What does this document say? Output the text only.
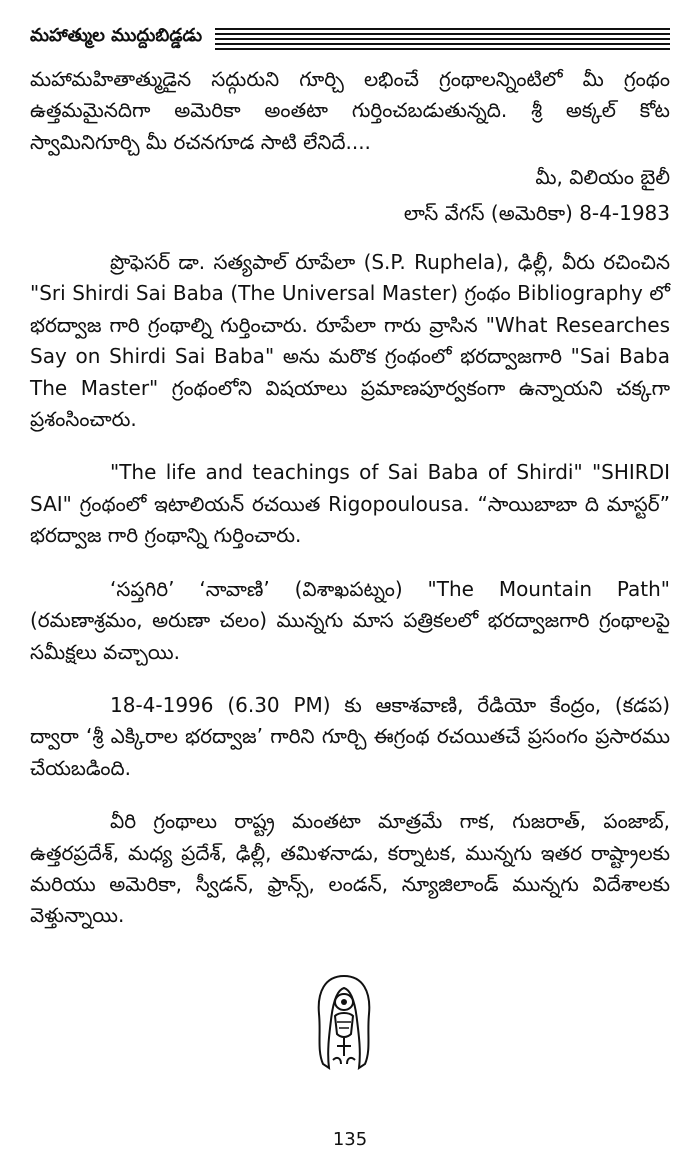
మహాత్ముల ముద్దుబిడ్డడు

మహామహితాత్ముడైన సద్గురుని గూర్చి లభించే గ్రంథాలన్నింటిలో మీ గ్రంథం ఉత్తమమైనదిగా అమెరికా అంతటా గుర్తించబడుతున్నది. శ్రీ అక్కల్ కోట స్వామినిగూర్చి మీ రచనగూడ సాటి లేనిదే....

మీ, విలియం బైలీ

లాస్ వేగస్ (అమెరికా) 8-4-1983

ప్రొఫెసర్ డా. సత్యపాల్ రూపేలా (S.P. Ruphela), ఢిల్లీ, వీరు రచించిన "Sri Shirdi Sai Baba (The Universal Master) గ్రంథం Bibliography లో భరద్వాజ గారి గ్రంథాల్ని గుర్తించారు. రూపేలా గారు వ్రాసిన "What Researches Say on Shirdi Sai Baba" అను మరొక గ్రంథంలో భరద్వాజగారి "Sai Baba The Master" గ్రంథంలోని విషయాలు ప్రమాణపూర్వకంగా ఉన్నాయని చక్కగా ప్రశంసించారు.

"The life and teachings of Sai Baba of Shirdi" "SHIRDI SAI" గ్రంథంలో ఇటాలియన్ రచయిత Rigopoulousa. “సాయిబాబా ది మాస్టర్” భరద్వాజ గారి గ్రంథాన్ని గుర్తించారు.

‘సప్తగిరి’ ‘నావాణి’ (విశాఖపట్నం) "The Mountain Path" (రమణాశ్రమం, అరుణా చలం) మున్నగు మాస పత్రికలలో భరద్వాజగారి గ్రంథాలపై సమీక్షలు వచ్చాయి.

18-4-1996 (6.30 PM) కు ఆకాశవాణి, రేడియో కేంద్రం, (కడప) ద్వారా ‘శ్రీ ఎక్కిరాల భరద్వాజ’ గారిని గూర్చి ఈగ్రంథ రచయితచే ప్రసంగం ప్రసారము చేయబడింది.

వీరి గ్రంథాలు రాష్ట్ర మంతటా మాత్రమే గాక, గుజరాత్, పంజాబ్, ఉత్తరప్రదేశ్, మధ్య ప్రదేశ్, ఢిల్లీ, తమిళనాడు, కర్నాటక, మున్నగు ఇతర రాష్ట్రాలకు మరియు అమెరికా, స్వీడన్, ఫ్రాన్స్, లండన్, న్యూజిలాండ్ మున్నగు విదేశాలకు వెళ్తున్నాయి.

135
